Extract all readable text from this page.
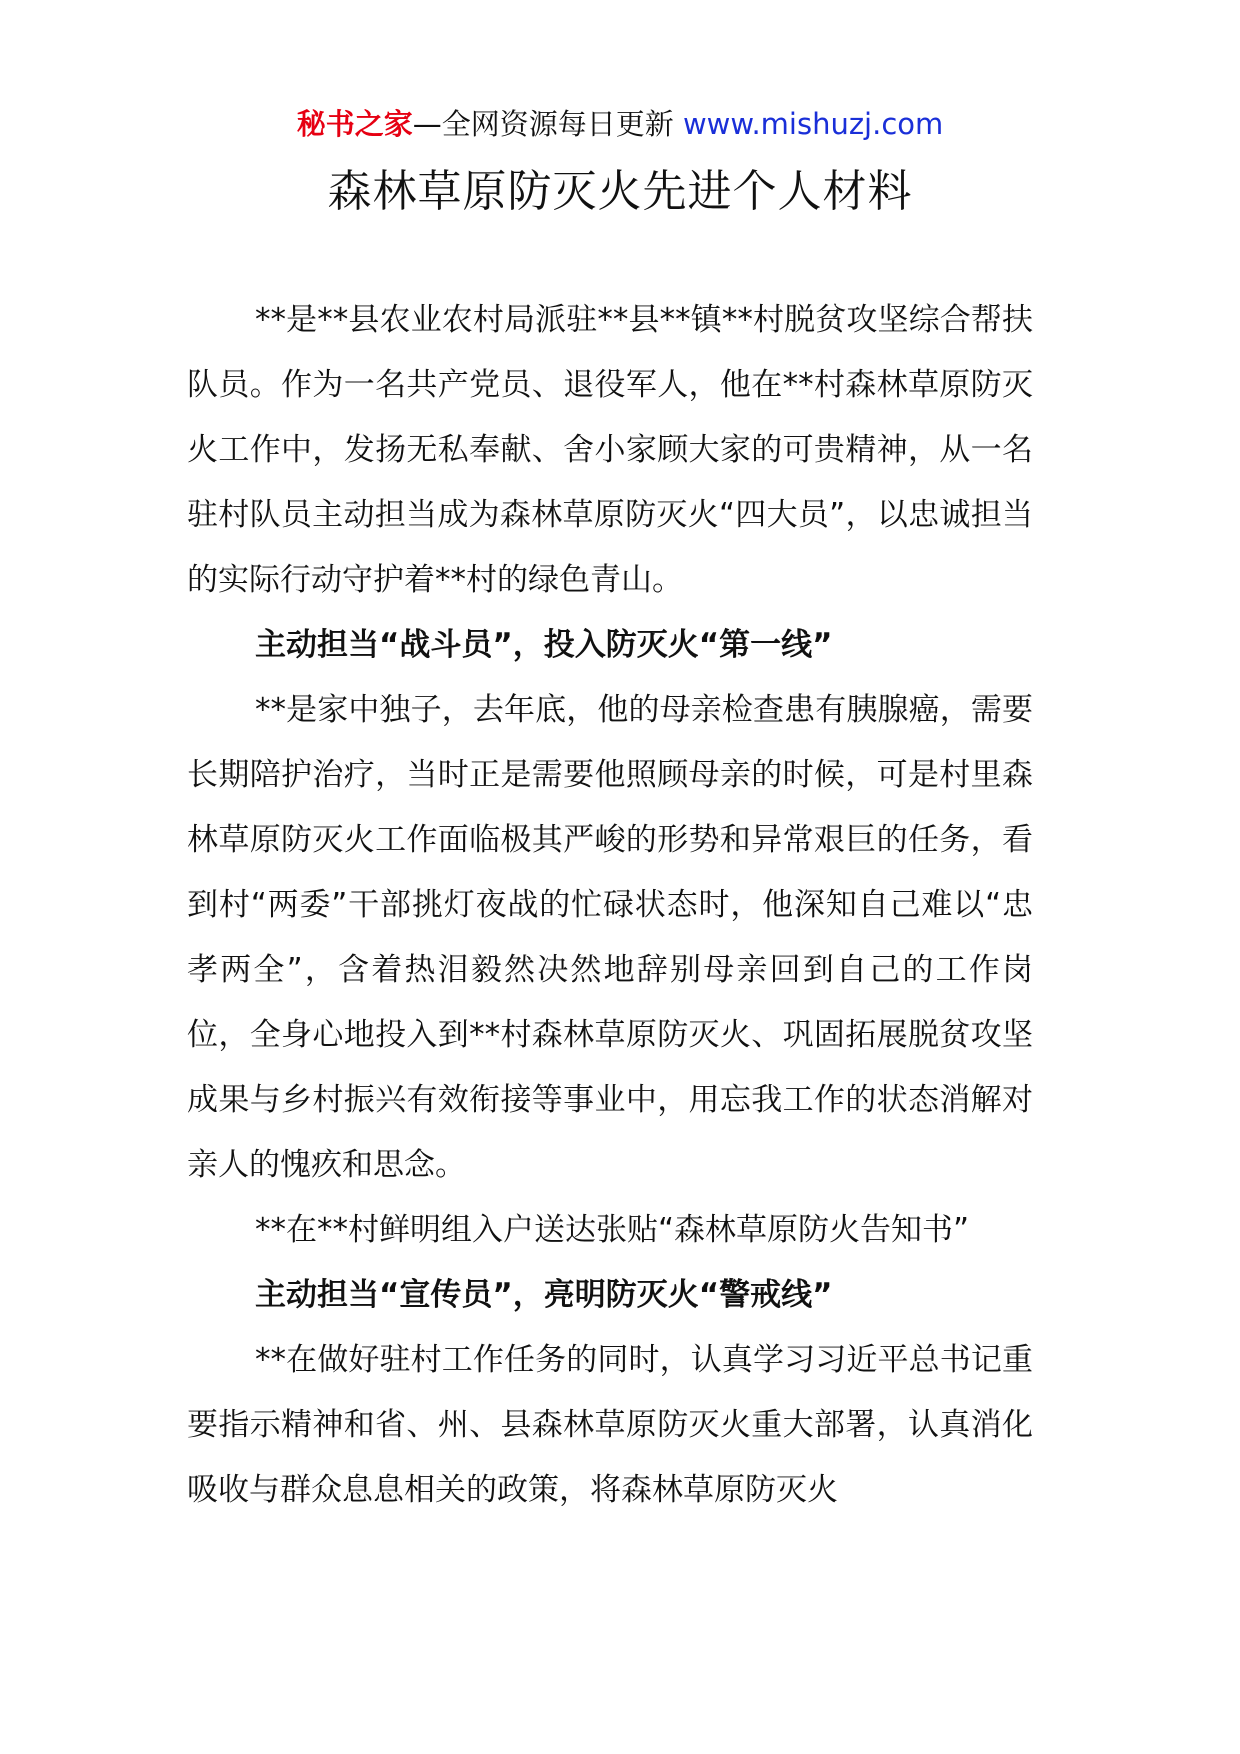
秘书之家—全网资源每日更新 www.mishuzj.com
森林草原防灭火先进个人材料

**是**县农业农村局派驻**县**镇**村脱贫攻坚综合帮扶队员。作为一名共产党员、退役军人，他在**村森林草原防灭火工作中，发扬无私奉献、舍小家顾大家的可贵精神，从一名驻村队员主动担当成为森林草原防灭火“四大员”，以忠诚担当的实际行动守护着**村的绿色青山。

主动担当“战斗员”，投入防灭火“第一线”

**是家中独子，去年底，他的母亲检查患有胰腺癌，需要长期陪护治疗，当时正是需要他照顾母亲的时候，可是村里森林草原防灭火工作面临极其严峻的形势和异常艰巨的任务，看到村“两委”干部挑灯夜战的忙碌状态时，他深知自己难以“忠孝两全”，含着热泪毅然决然地辞别母亲回到自己的工作岗位，全身心地投入到**村森林草原防灭火、巩固拓展脱贫攻坚成果与乡村振兴有效衔接等事业中，用忘我工作的状态消解对亲人的愧疚和思念。

**在**村鲜明组入户送达张贴“森林草原防火告知书”

主动担当“宣传员”，亮明防灭火“警戒线”

**在做好驻村工作任务的同时，认真学习习近平总书记重要指示精神和省、州、县森林草原防灭火重大部署，认真消化吸收与群众息息相关的政策，将森林草原防灭火
